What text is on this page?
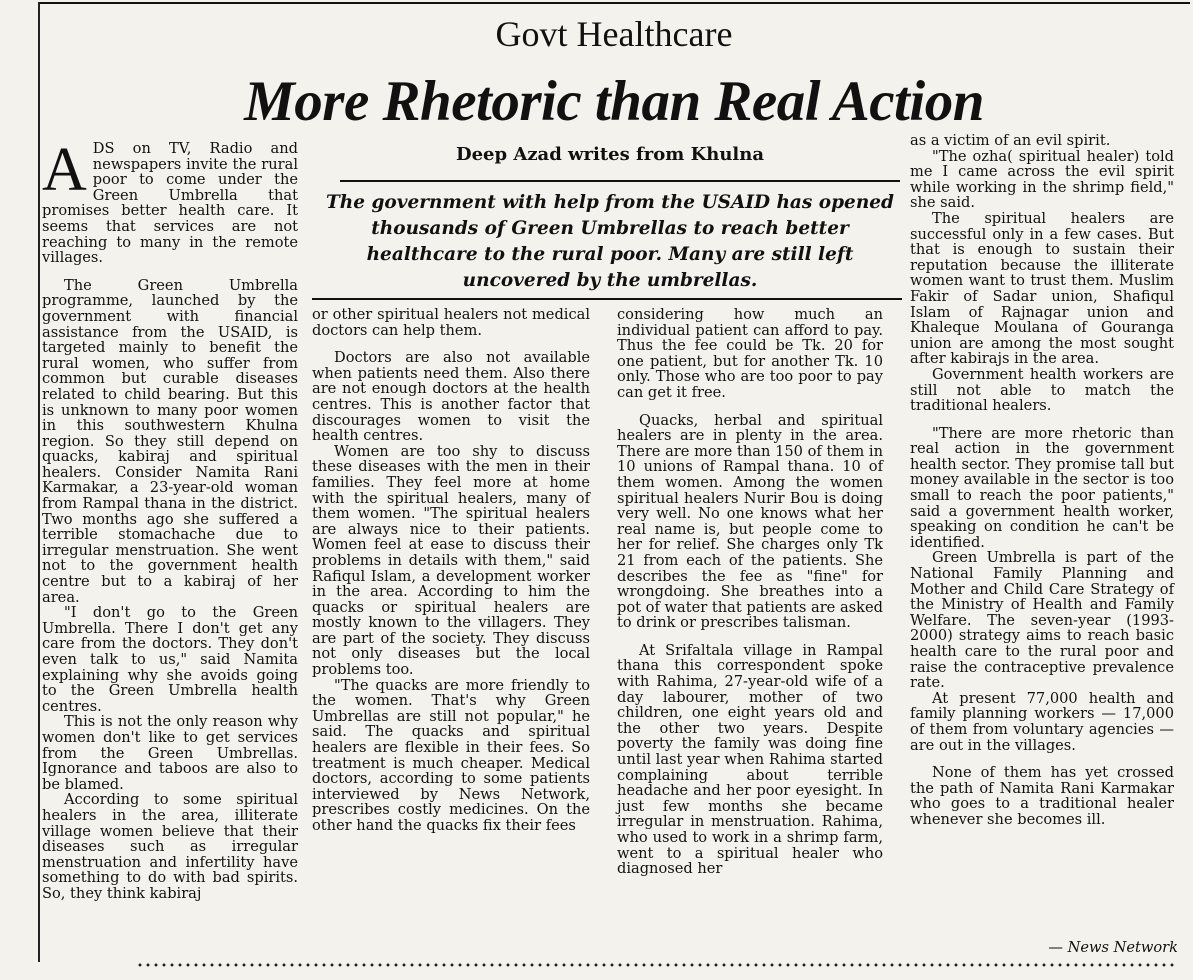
Govt Healthcare
More Rhetoric than Real Action

ADS on TV, Radio and newspapers invite the rural poor to come under the Green Umbrella that promises better health care. It seems that services are not reaching to many in the remote villages.

The Green Umbrella programme, launched by the government with financial assistance from the USAID, is targeted mainly to benefit the rural women, who suffer from common but curable diseases related to child bearing. But this is unknown to many poor women in this southwestern Khulna region. So they still depend on quacks, kabiraj and spiritual healers. Consider Namita Rani Karmakar, a 23-year-old woman from Rampal thana in the district. Two months ago she suffered a terrible stomachache due to irregular menstruation. She went not to the government health centre but to a kabiraj of her area.

"I don't go to the Green Umbrella. There I don't get any care from the doctors. They don't even talk to us," said Namita explaining why she avoids going to the Green Umbrella health centres.

This is not the only reason why women don't like to get services from the Green Umbrellas. Ignorance and taboos are also to be blamed.

According to some spiritual healers in the area, illiterate village women believe that their diseases such as irregular menstruation and infertility have something to do with bad spirits. So, they think kabiraj

Deep Azad writes from Khulna
The government with help from the USAID has opened thousands of Green Umbrellas to reach better healthcare to the rural poor. Many are still left uncovered by the umbrellas.

or other spiritual healers not medical doctors can help them.

Doctors are also not available when patients need them. Also there are not enough doctors at the health centres. This is another factor that discourages women to visit the health centres.

Women are too shy to discuss these diseases with the men in their families. They feel more at home with the spiritual healers, many of them women. "The spiritual healers are always nice to their patients. Women feel at ease to discuss their problems in details with them," said Rafiqul Islam, a development worker in the area. According to him the quacks or spiritual healers are mostly known to the villagers. They are part of the society. They discuss not only diseases but the local problems too.

"The quacks are more friendly to the women. That's why Green Umbrellas are still not popular," he said. The quacks and spiritual healers are flexible in their fees. So treatment is much cheaper. Medical doctors, according to some patients interviewed by News Network, prescribes costly medicines. On the other hand the quacks fix their fees

considering how much an individual patient can afford to pay. Thus the fee could be Tk. 20 for one patient, but for another Tk. 10 only. Those who are too poor to pay can get it free.

Quacks, herbal and spiritual healers are in plenty in the area. There are more than 150 of them in 10 unions of Rampal thana. 10 of them women. Among the women spiritual healers Nurir Bou is doing very well. No one knows what her real name is, but people come to her for relief. She charges only Tk 21 from each of the patients. She describes the fee as "fine" for wrongdoing. She breathes into a pot of water that patients are asked to drink or prescribes talisman.

At Srifaltala village in Rampal thana this correspondent spoke with Rahima, 27-year-old wife of a day labourer, mother of two children, one eight years old and the other two years. Despite poverty the family was doing fine until last year when Rahima started complaining about terrible headache and her poor eyesight. In just few months she became irregular in menstruation. Rahima, who used to work in a shrimp farm, went to a spiritual healer who diagnosed her

as a victim of an evil spirit.

"The ozha( spiritual healer) told me I came across the evil spirit while working in the shrimp field," she said.

The spiritual healers are successful only in a few cases. But that is enough to sustain their reputation because the illiterate women want to trust them. Muslim Fakir of Sadar union, Shafiqul Islam of Rajnagar union and Khaleque Moulana of Gouranga union are among the most sought after kabirajs in the area.

Government health workers are still not able to match the traditional healers.

"There are more rhetoric than real action in the government health sector. They promise tall but money available in the sector is too small to reach the poor patients," said a government health worker, speaking on condition he can't be identified.

Green Umbrella is part of the National Family Planning and Mother and Child Care Strategy of the Ministry of Health and Family Welfare. The seven-year (1993-2000) strategy aims to reach basic health care to the rural poor and raise the contraceptive prevalence rate.

At present 77,000 health and family planning workers — 17,000 of them from voluntary agencies — are out in the villages.

None of them has yet crossed the path of Namita Rani Karmakar who goes to a traditional healer whenever she becomes ill.

— News Network
